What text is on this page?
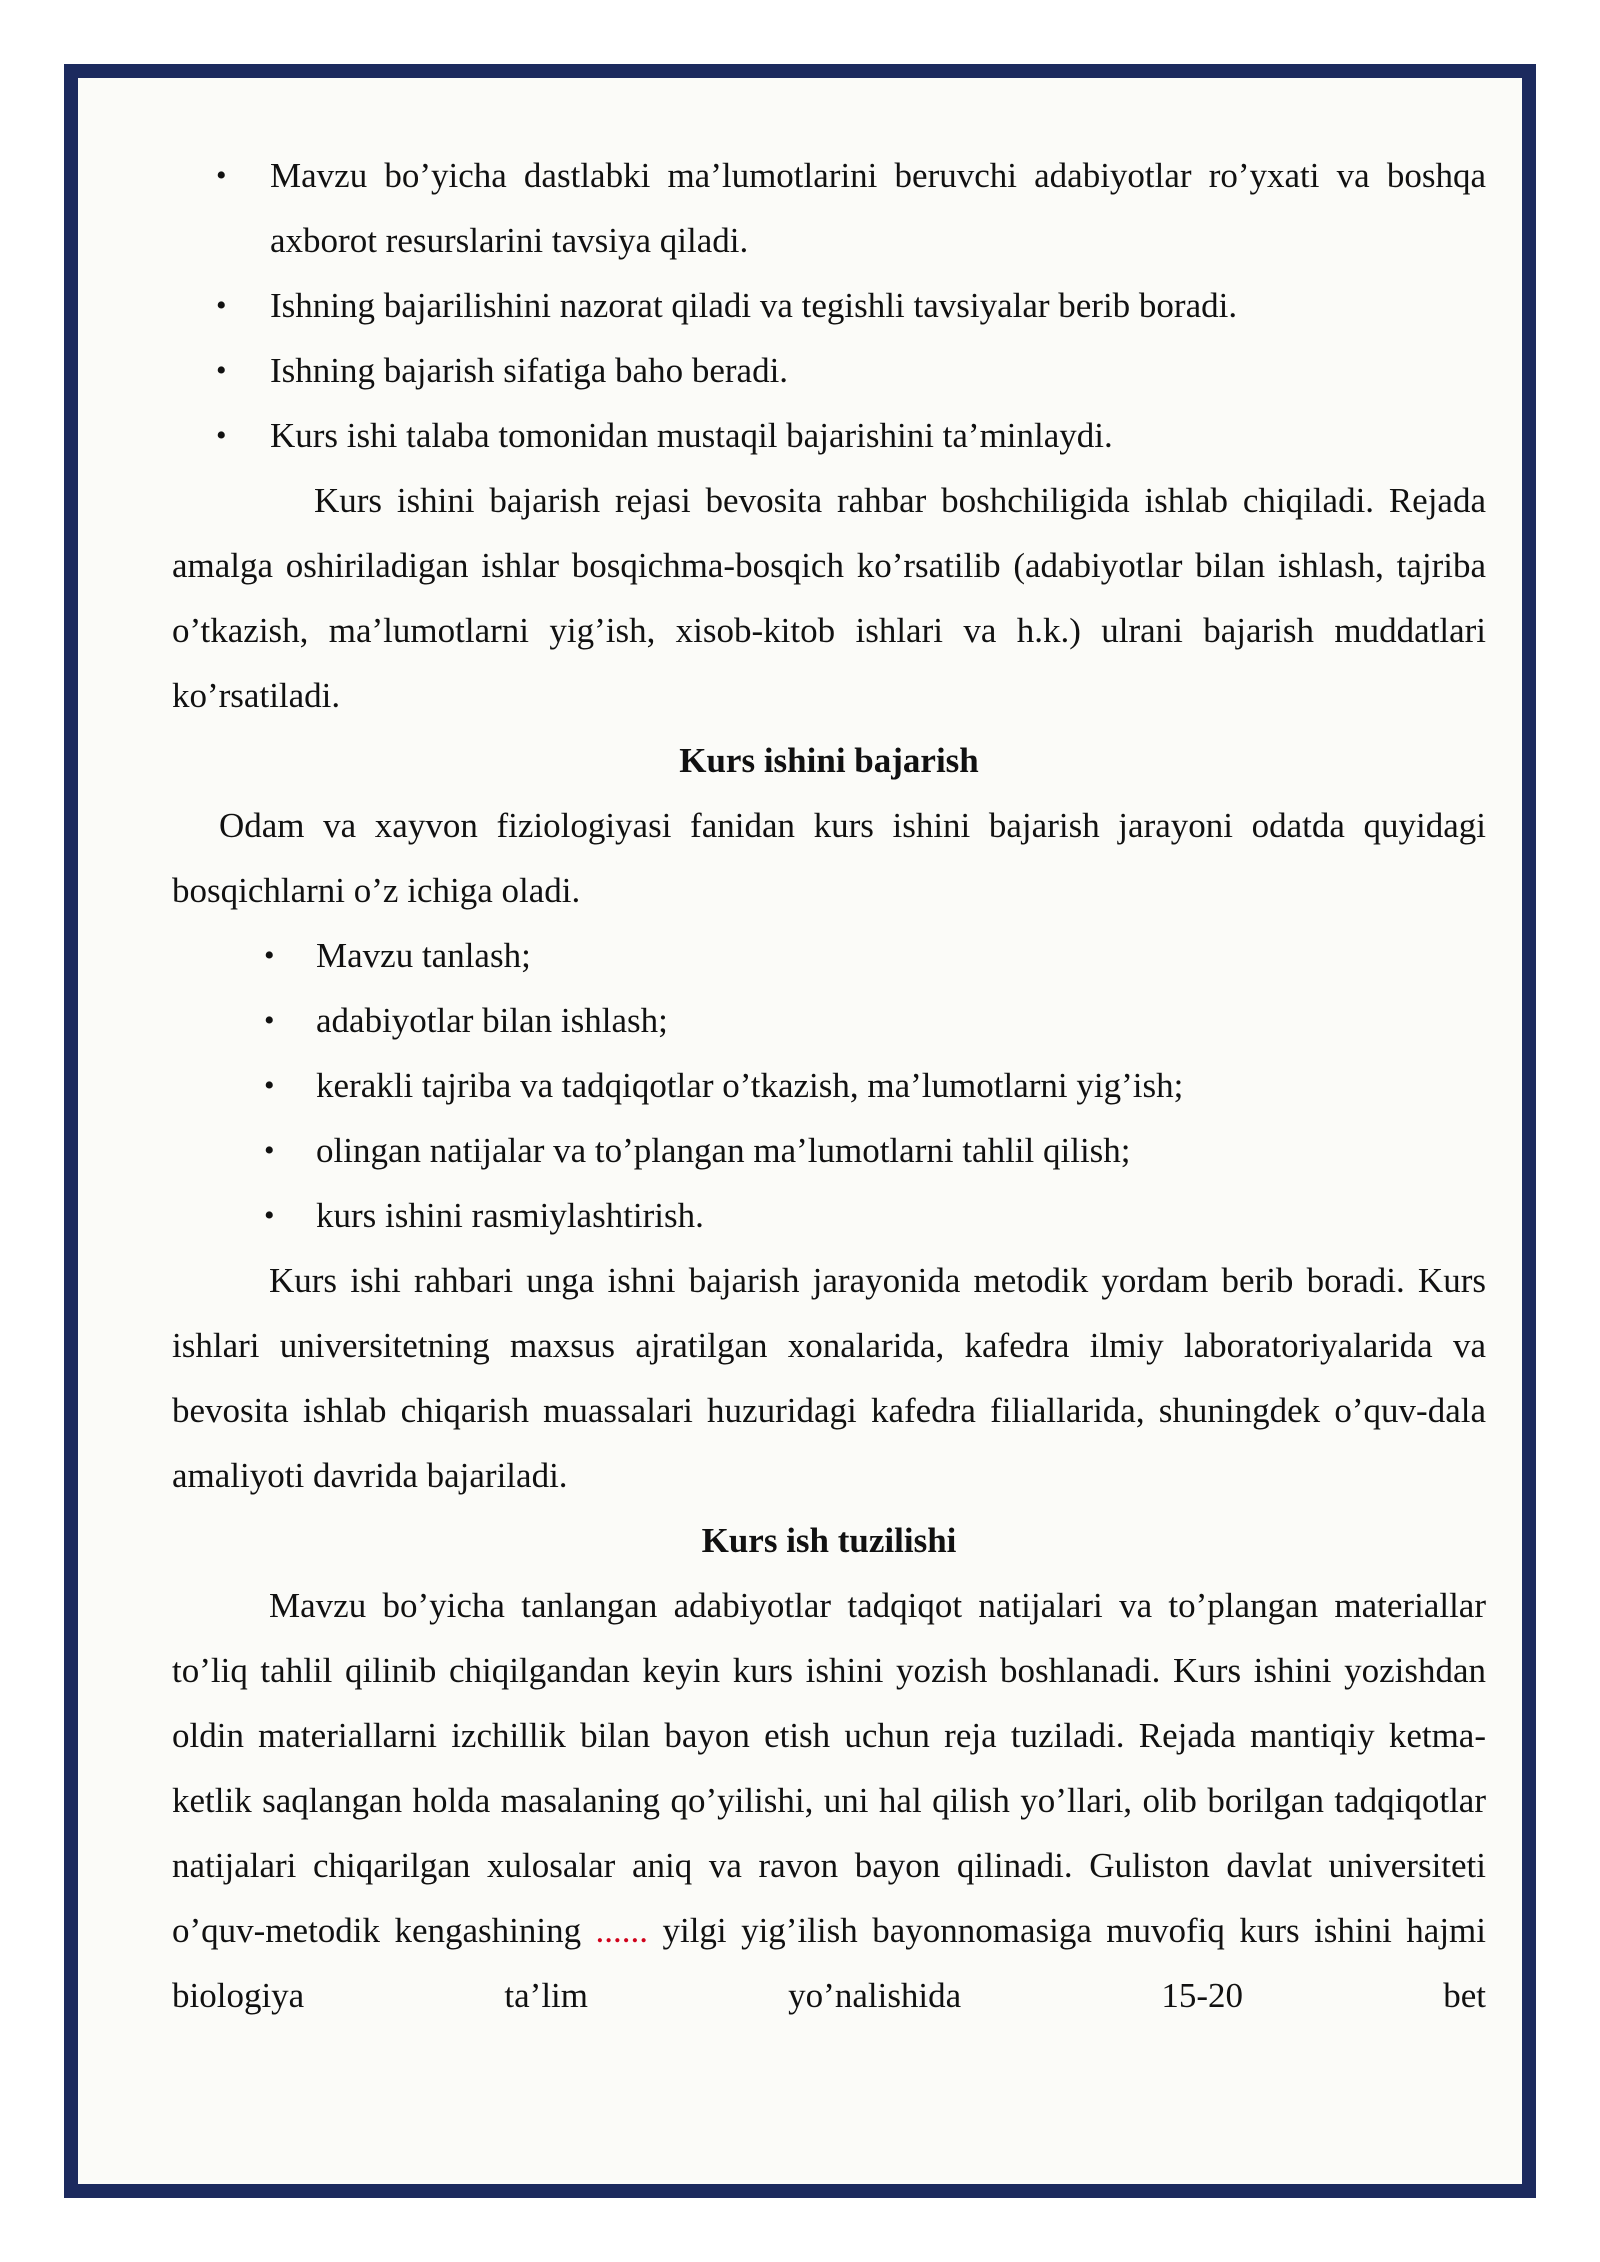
• Mavzu bo’yicha dastlabki ma’lumotlarini beruvchi adabiyotlar ro’yxati va boshqa axborot resurslarini tavsiya qiladi.
• Ishning bajarilishini nazorat qiladi va tegishli tavsiyalar berib boradi.
• Ishning bajarish sifatiga baho beradi.
• Kurs ishi talaba tomonidan mustaqil bajarishini ta’minlaydi.

Kurs ishini bajarish rejasi bevosita rahbar boshchiligida ishlab chiqiladi. Rejada amalga oshiriladigan ishlar bosqichma-bosqich ko’rsatilib (adabiyotlar bilan ishlash, tajriba o’tkazish, ma’lumotlarni yig’ish, xisob-kitob ishlari va h.k.) ulrani bajarish muddatlari ko’rsatiladi.

Kurs ishini bajarish

Odam va xayvon fiziologiyasi fanidan kurs ishini bajarish jarayoni odatda quyidagi bosqichlarni o’z ichiga oladi.

• Mavzu tanlash;
• adabiyotlar bilan ishlash;
• kerakli tajriba va tadqiqotlar o’tkazish, ma’lumotlarni yig’ish;
• olingan natijalar va to’plangan ma’lumotlarni tahlil qilish;
• kurs ishini rasmiylashtirish.

Kurs ishi rahbari unga ishni bajarish jarayonida metodik yordam berib boradi. Kurs ishlari universitetning maxsus ajratilgan xonalarida, kafedra ilmiy laboratoriyalarida va bevosita ishlab chiqarish muassalari huzuridagi kafedra filiallarida, shuningdek o’quv-dala amaliyoti davrida bajariladi.

Kurs ish tuzilishi

Mavzu bo’yicha tanlangan adabiyotlar tadqiqot natijalari va to’plangan materiallar to’liq tahlil qilinib chiqilgandan keyin kurs ishini yozish boshlanadi. Kurs ishini yozishdan oldin materiallarni izchillik bilan bayon etish uchun reja tuziladi. Rejada mantiqiy ketma-ketlik saqlangan holda masalaning qo’yilishi, uni hal qilish yo’llari, olib borilgan tadqiqotlar natijalari chiqarilgan xulosalar aniq va ravon bayon qilinadi. Guliston davlat universiteti o’quv-metodik kengashining ...... yilgi yig’ilish bayonnomasiga muvofiq kurs ishini hajmi biologiya ta’lim yo’nalishida 15-20 bet
